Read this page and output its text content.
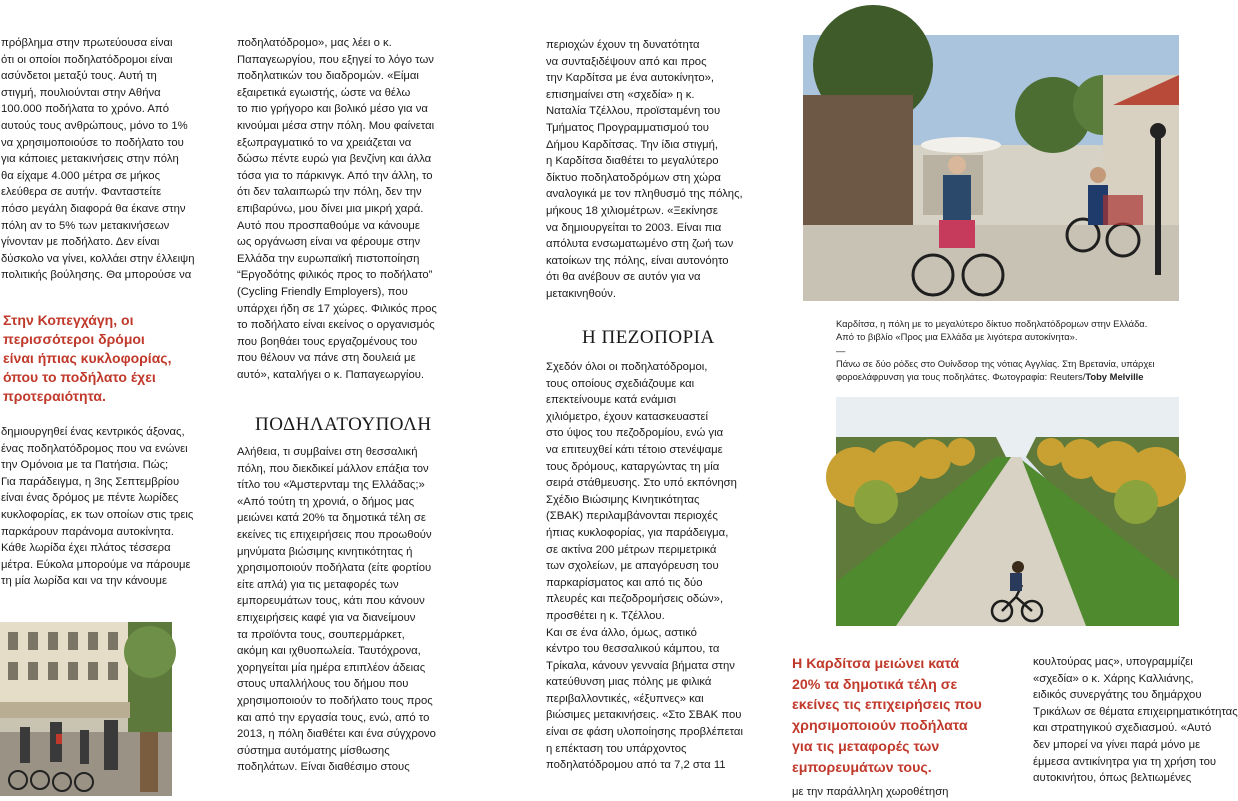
πρόβλημα στην πρωτεύουσα είναι

ότι οι οποίοι ποδηλατόδρομοι είναι

ασύνδετοι μεταξύ τους. Αυτή τη

στιγμή, πουλιούνται στην Αθήνα

100.000 ποδήλατα το χρόνο. Από

αυτούς τους ανθρώπους, μόνο το 1%

να χρησιμοποιούσε το ποδήλατο του

για κάποιες μετακινήσεις στην πόλη

θα είχαμε 4.000 μέτρα σε μήκος

ελεύθερα σε αυτήν. Φανταστείτε

πόσο μεγάλη διαφορά θα έκανε στην

πόλη αν το 5% των μετακινήσεων

γίνονταν με ποδήλατο. Δεν είναι

δύσκολο να γίνει, κολλάει στην έλλειψη

πολιτικής βούλησης. Θα μπορούσε να

Στην Κοπεγχάγη, οι

περισσότεροι δρόμοι

είναι ήπιας κυκλοφορίας,

όπου το ποδήλατο έχει

προτεραιότητα.

δημιουργηθεί ένας κεντρικός άξονας,

ένας ποδηλατόδρομος που να ενώνει

την Ομόνοια με τα Πατήσια. Πώς;

Για παράδειγμα, η 3ης Σεπτεμβρίου

είναι ένας δρόμος με πέντε λωρίδες

κυκλοφορίας, εκ των οποίων στις τρεις

παρκάρουν παράνομα αυτοκίνητα.

Κάθε λωρίδα έχει πλάτος τέσσερα

μέτρα. Εύκολα μπορούμε να πάρουμε

τη μία λωρίδα και να την κάνουμε

ποδηλατόδρομο», μας λέει ο κ.

Παπαγεωργίου, που εξηγεί το λόγο των

ποδηλατικών του διαδρομών. «Είμαι

εξαιρετικά εγωιστής, ώστε να θέλω

το πιο γρήγορο και βολικό μέσο για να

κινούμαι μέσα στην πόλη. Μου φαίνεται

εξωπραγματικό το να χρειάζεται να

δώσω πέντε ευρώ για βενζίνη και άλλα

τόσα για το πάρκινγκ. Από την άλλη, το

ότι δεν ταλαιπωρώ την πόλη, δεν την

επιβαρύνω, μου δίνει μια μικρή χαρά.

Αυτό που προσπαθούμε να κάνουμε

ως οργάνωση είναι να φέρουμε στην

Ελλάδα την ευρωπαϊκή πιστοποίηση

“Εργοδότης φιλικός προς το ποδήλατο”

(Cycling Friendly Employers), που

υπάρχει ήδη σε 17 χώρες. Φιλικός προς

το ποδήλατο είναι εκείνος ο οργανισμός

που βοηθάει τους εργαζομένους του

που θέλουν να πάνε στη δουλειά με

αυτό», καταλήγει ο κ. Παπαγεωργίου.

ΠΟΔΗΛΑΤΟΥΠΟΛΗ

Αλήθεια, τι συμβαίνει στη θεσσαλική

πόλη, που διεκδικεί μάλλον επάξια τον

τίτλο του «Άμστερνταμ της Ελλάδας;»

«Από τούτη τη χρονιά, ο δήμος μας

μειώνει κατά 20% τα δημοτικά τέλη σε

εκείνες τις επιχειρήσεις που προωθούν

μηνύματα βιώσιμης κινητικότητας ή

χρησιμοποιούν ποδήλατα (είτε φορτίου

είτε απλά) για τις μεταφορές των

εμπορευμάτων τους, κάτι που κάνουν

επιχειρήσεις καφέ για να διανείμουν

τα προϊόντα τους, σουπερμάρκετ,

ακόμη και ιχθυοπωλεία. Ταυτόχρονα,

χορηγείται μία ημέρα επιπλέον άδειας

στους υπαλλήλους του δήμου που

χρησιμοποιούν το ποδήλατο τους προς

και από την εργασία τους, ενώ, από το

2013, η πόλη διαθέτει και ένα σύγχρονο

σύστημα αυτόματης μίσθωσης

ποδηλάτων. Είναι διαθέσιμο στους

περιοχών έχουν τη δυνατότητα

να συνταξιδέψουν από και προς

την Καρδίτσα με ένα αυτοκίνητο»,

επισημαίνει στη «σχεδία» η κ.

Ναταλία Τζέλλου, προϊσταμένη του

Τμήματος Προγραμματισμού του

Δήμου Καρδίτσας. Την ίδια στιγμή,

η Καρδίτσα διαθέτει το μεγαλύτερο

δίκτυο ποδηλατοδρόμων στη χώρα

αναλογικά με τον πληθυσμό της πόλης,

μήκους 18 χιλιομέτρων. «Ξεκίνησε

να δημιουργείται το 2003. Είναι πια

απόλυτα ενσωματωμένο στη ζωή των

κατοίκων της πόλης, είναι αυτονόητο

ότι θα ανέβουν σε αυτόν για να

μετακινηθούν.

Η ΠΕΖΟΠΟΡΙΑ

Σχεδόν όλοι οι ποδηλατόδρομοι,

τους οποίους σχεδιάζουμε και

επεκτείνουμε κατά ενάμισι

χιλιόμετρο, έχουν κατασκευαστεί

στο ύψος του πεζοδρομίου, ενώ για

να επιτευχθεί κάτι τέτοιο στενέψαμε

τους δρόμους, καταργώντας τη μία

σειρά στάθμευσης. Στο υπό εκπόνηση

Σχέδιο Βιώσιμης Κινητικότητας

(ΣΒΑΚ) περιλαμβάνονται περιοχές

ήπιας κυκλοφορίας, για παράδειγμα,

σε ακτίνα 200 μέτρων περιμετρικά

των σχολείων, με απαγόρευση του

παρκαρίσματος και από τις δύο

πλευρές και πεζοδρομήσεις οδών»,

προσθέτει η κ. Τζέλλου.

Και σε ένα άλλο, όμως, αστικό

κέντρο του θεσσαλικού κάμπου, τα

Τρίκαλα, κάνουν γενναία βήματα στην

κατεύθυνση μιας πόλης με φιλικά

περιβαλλοντικές, «έξυπνες» και

βιώσιμες μετακινήσεις. «Στο ΣΒΑΚ που

είναι σε φάση υλοποίησης προβλέπεται

η επέκταση του υπάρχοντος

ποδηλατόδρομου από τα 7,2 στα 11

Καρδίτσα, η πόλη με το μεγαλύτερο δίκτυο ποδηλατόδρομων στην Ελλάδα.

Από το βιβλίο «Προς μια Ελλάδα με λιγότερα αυτοκίνητα».

—

Πάνω σε δύο ρόδες στο Ουίνδσορ της νότιας Αγγλίας. Στη Βρετανία, υπάρχει

φοροελάφρυνση για τους ποδηλάτες. Φωτογραφία: Reuters/Toby Melville

Η Καρδίτσα μειώνει κατά

20% τα δημοτικά τέλη σε

εκείνες τις επιχειρήσεις που

χρησιμοποιούν ποδήλατα

για τις μεταφορές των

εμπορευμάτων τους.

με την παράλληλη χωροθέτηση

κουλτούρας μας», υπογραμμίζει

«σχεδία» ο κ. Χάρης Καλλιάνης,

ειδικός συνεργάτης του δημάρχου

Τρικάλων σε θέματα επιχειρηματικότητας

και στρατηγικού σχεδιασμού. «Αυτό

δεν μπορεί να γίνει παρά μόνο με

έμμεσα αντικίνητρα για τη χρήση του

αυτοκινήτου, όπως βελτιωμένες
